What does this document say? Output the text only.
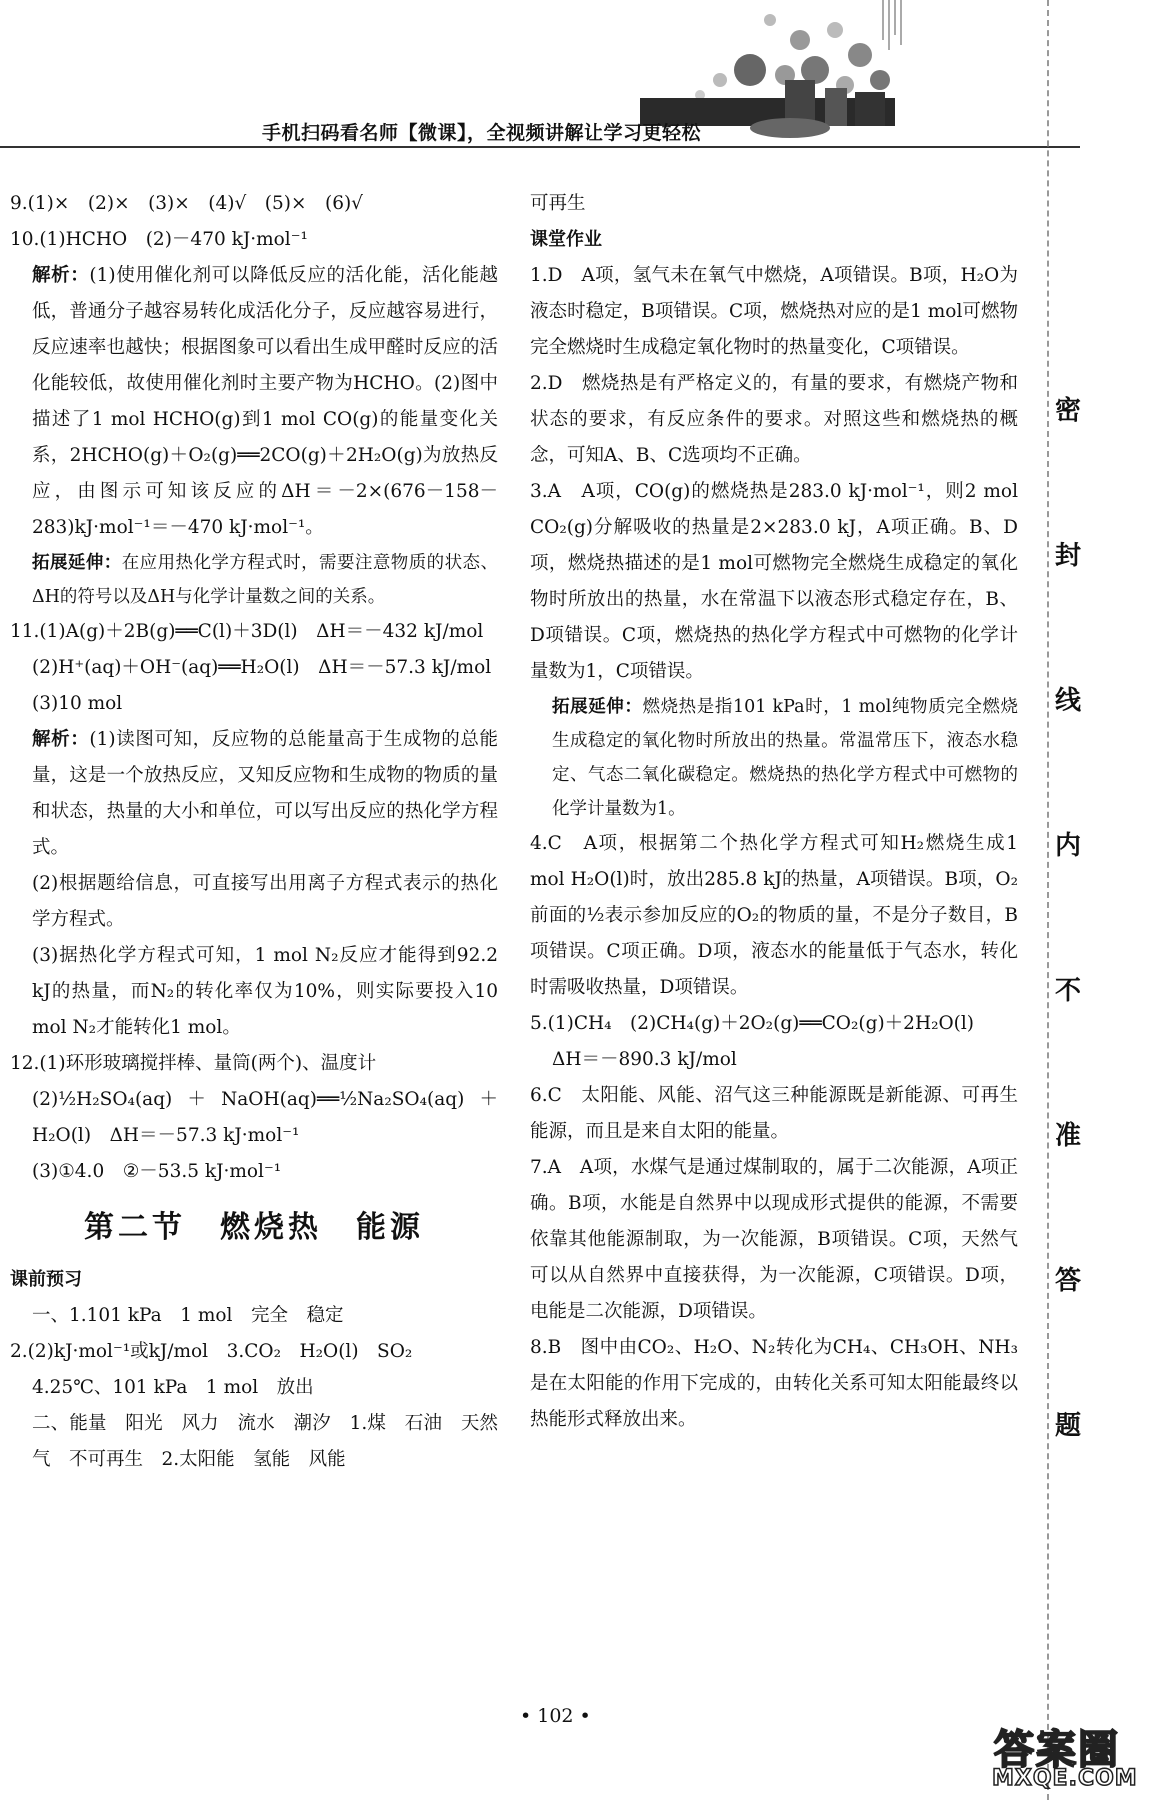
手机扫码看名师【微课】，全视频讲解让学习更轻松
9.(1)×　(2)×　(3)×　(4)√　(5)×　(6)√
10.(1)HCHO　(2)－470 kJ·mol⁻¹
解析：(1)使用催化剂可以降低反应的活化能，活化能越低，普通分子越容易转化成活化分子，反应越容易进行，反应速率也越快；根据图象可以看出生成甲醛时反应的活化能较低，故使用催化剂时主要产物为HCHO。(2)图中描述了1 mol HCHO(g)到1 mol CO(g)的能量变化关系，2HCHO(g)＋O₂(g)══2CO(g)＋2H₂O(g)为放热反应，由图示可知该反应的ΔH＝－2×(676－158－283)kJ·mol⁻¹＝－470 kJ·mol⁻¹。
拓展延伸：在应用热化学方程式时，需要注意物质的状态、ΔH的符号以及ΔH与化学计量数之间的关系。
11.(1)A(g)＋2B(g)══C(l)＋3D(l)　ΔH＝－432 kJ/mol
(2)H⁺(aq)＋OH⁻(aq)══H₂O(l)　ΔH＝－57.3 kJ/mol
(3)10 mol
解析：(1)读图可知，反应物的总能量高于生成物的总能量，这是一个放热反应，又知反应物和生成物的物质的量和状态，热量的大小和单位，可以写出反应的热化学方程式。
(2)根据题给信息，可直接写出用离子方程式表示的热化学方程式。
(3)据热化学方程式可知，1 mol N₂反应才能得到92.2 kJ的热量，而N₂的转化率仅为10%，则实际要投入10 mol N₂才能转化1 mol。
12.(1)环形玻璃搅拌棒、量筒(两个)、温度计
(2)½H₂SO₄(aq)＋NaOH(aq)══½Na₂SO₄(aq)＋H₂O(l)　ΔH＝－57.3 kJ·mol⁻¹
(3)①4.0　②－53.5 kJ·mol⁻¹
第二节　燃烧热　能源
课前预习
一、1.101 kPa　1 mol　完全　稳定
2.(2)kJ·mol⁻¹或kJ/mol　3.CO₂　H₂O(l)　SO₂
4.25℃、101 kPa　1 mol　放出
二、能量　阳光　风力　流水　潮汐　1.煤　石油　天然气　不可再生　2.太阳能　氢能　风能
可再生
课堂作业
1.D　A项，氢气未在氧气中燃烧，A项错误。B项，H₂O为液态时稳定，B项错误。C项，燃烧热对应的是1 mol可燃物完全燃烧时生成稳定氧化物时的热量变化，C项错误。
2.D　燃烧热是有严格定义的，有量的要求，有燃烧产物和状态的要求，有反应条件的要求。对照这些和燃烧热的概念，可知A、B、C选项均不正确。
3.A　A项，CO(g)的燃烧热是283.0 kJ·mol⁻¹，则2 mol CO₂(g)分解吸收的热量是2×283.0 kJ，A项正确。B、D项，燃烧热描述的是1 mol可燃物完全燃烧生成稳定的氧化物时所放出的热量，水在常温下以液态形式稳定存在，B、D项错误。C项，燃烧热的热化学方程式中可燃物的化学计量数为1，C项错误。
拓展延伸：燃烧热是指101 kPa时，1 mol纯物质完全燃烧生成稳定的氧化物时所放出的热量。常温常压下，液态水稳定、气态二氧化碳稳定。燃烧热的热化学方程式中可燃物的化学计量数为1。
4.C　A项，根据第二个热化学方程式可知H₂燃烧生成1 mol H₂O(l)时，放出285.8 kJ的热量，A项错误。B项，O₂前面的½表示参加反应的O₂的物质的量，不是分子数目，B项错误。C项正确。D项，液态水的能量低于气态水，转化时需吸收热量，D项错误。
5.(1)CH₄　(2)CH₄(g)＋2O₂(g)══CO₂(g)＋2H₂O(l)
ΔH＝－890.3 kJ/mol
6.C　太阳能、风能、沼气这三种能源既是新能源、可再生能源，而且是来自太阳的能量。
7.A　A项，水煤气是通过煤制取的，属于二次能源，A项正确。B项，水能是自然界中以现成形式提供的能源，不需要依靠其他能源制取，为一次能源，B项错误。C项，天然气可以从自然界中直接获得，为一次能源，C项错误。D项，电能是二次能源，D项错误。
8.B　图中由CO₂、H₂O、N₂转化为CH₄、CH₃OH、NH₃是在太阳能的作用下完成的，由转化关系可知太阳能最终以热能形式释放出来。
密
封
线
内
不
准
答
题
• 102 •
答案圈
MXQE.COM
